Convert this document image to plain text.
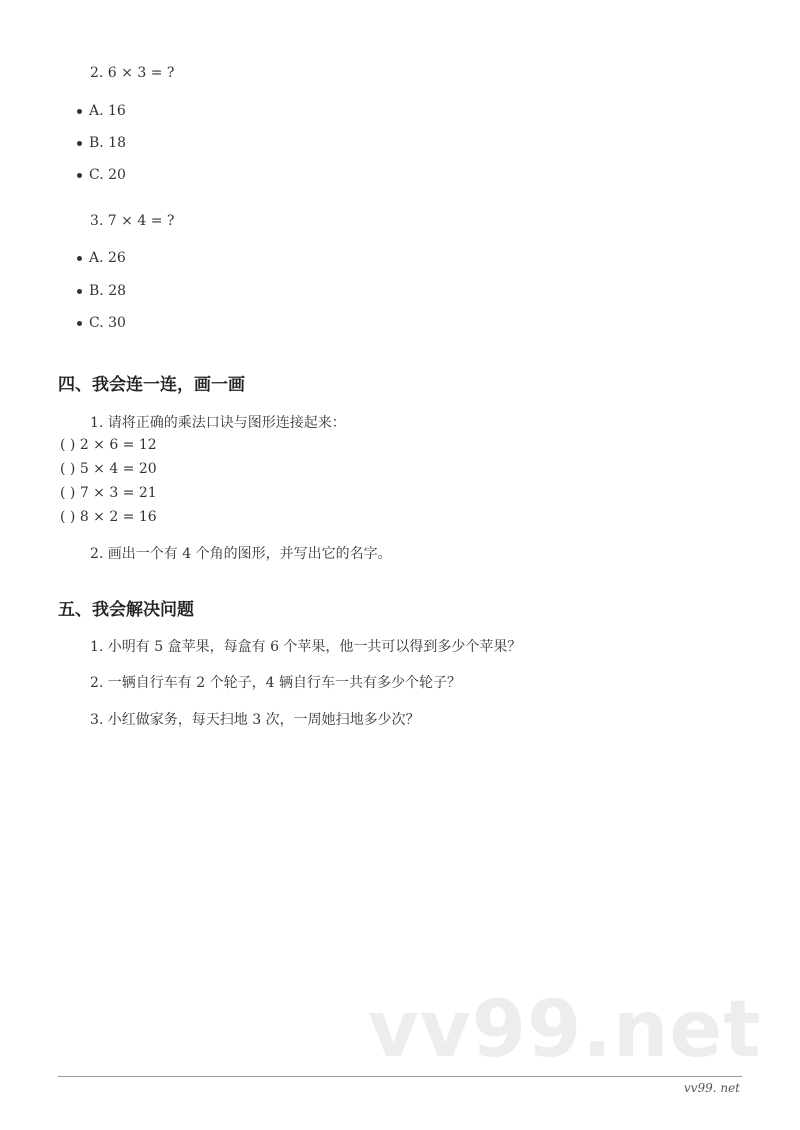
2. 6 × 3 = ?
A. 16
B. 18
C. 20
3. 7 × 4 = ?
A. 26
B. 28
C. 30
四、我会连一连，画一画
1. 请将正确的乘法口诀与图形连接起来：
( ) 2 × 6 = 12
( ) 5 × 4 = 20
( ) 7 × 3 = 21
( ) 8 × 2 = 16
2. 画出一个有 4 个角的图形，并写出它的名字。
五、我会解决问题
1. 小明有 5 盒苹果，每盒有 6 个苹果，他一共可以得到多少个苹果？
2. 一辆自行车有 2 个轮子，4 辆自行车一共有多少个轮子？
3. 小红做家务，每天扫地 3 次，一周她扫地多少次？
vv99.net
vv99. net
